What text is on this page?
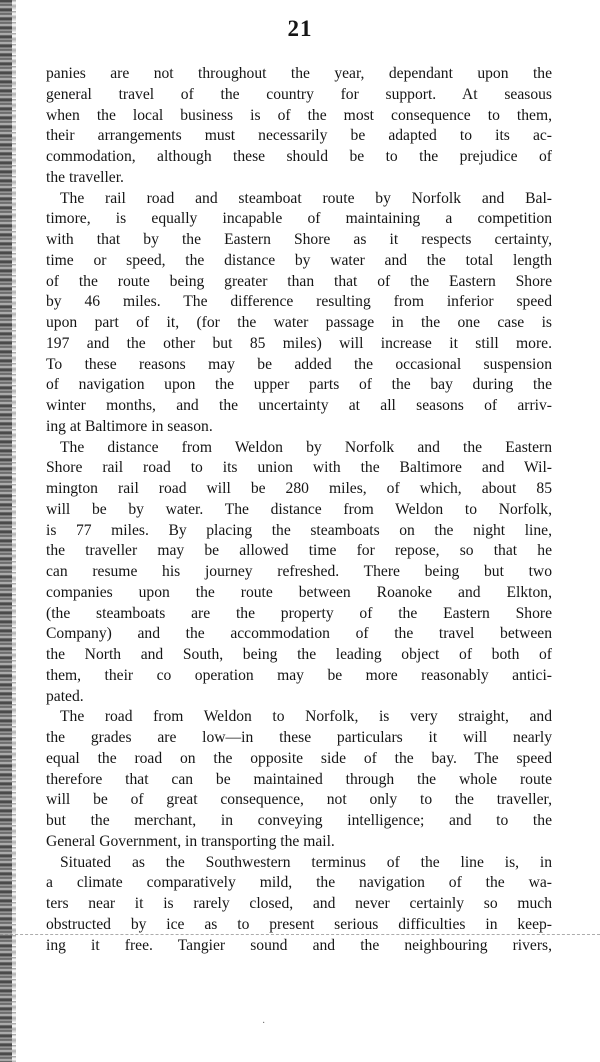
21
panies are not throughout the year, dependant upon the
general travel of the country for support. At seasous
when the local business is of the most consequence to them,
their arrangements must necessarily be adapted to its ac-
commodation, although these should be to the prejudice of
the traveller.
The rail road and steamboat route by Norfolk and Bal-
timore, is equally incapable of maintaining a competition
with that by the Eastern Shore as it respects certainty,
time or speed, the distance by water and the total length
of the route being greater than that of the Eastern Shore
by 46 miles. The difference resulting from inferior speed
upon part of it, (for the water passage in the one case is
197 and the other but 85 miles) will increase it still more.
To these reasons may be added the occasional suspension
of navigation upon the upper parts of the bay during the
winter months, and the uncertainty at all seasons of arriv-
ing at Baltimore in season.
The distance from Weldon by Norfolk and the Eastern
Shore rail road to its union with the Baltimore and Wil-
mington rail road will be 280 miles, of which, about 85
will be by water. The distance from Weldon to Norfolk,
is 77 miles. By placing the steamboats on the night line,
the traveller may be allowed time for repose, so that he
can resume his journey refreshed. There being but two
companies upon the route between Roanoke and Elkton,
(the steamboats are the property of the Eastern Shore
Company) and the accommodation of the travel between
the North and South, being the leading object of both of
them, their co operation may be more reasonably antici-
pated.
The road from Weldon to Norfolk, is very straight, and
the grades are low—in these particulars it will nearly
equal the road on the opposite side of the bay. The speed
therefore that can be maintained through the whole route
will be of great consequence, not only to the traveller,
but the merchant, in conveying intelligence; and to the
General Government, in transporting the mail.
Situated as the Southwestern terminus of the line is, in
a climate comparatively mild, the navigation of the wa-
ters near it is rarely closed, and never certainly so much
obstructed by ice as to present serious difficulties in keep-
ing it free. Tangier sound and the neighbouring rivers,
·
